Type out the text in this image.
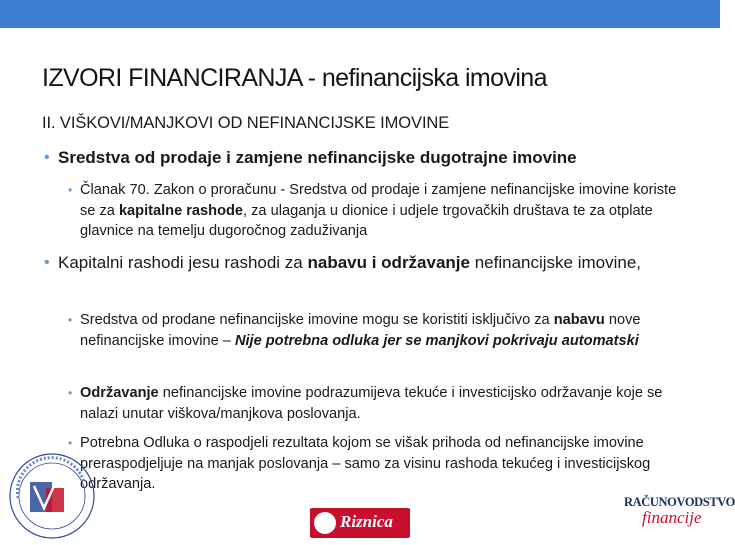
IZVORI FINANCIRANJA - nefinancijska imovina
II. VIŠKOVI/MANJKOVI OD NEFINANCIJSKE IMOVINE
• Sredstva od prodaje i zamjene nefinancijske dugotrajne imovine
• Članak 70. Zakon o proračunu - Sredstva od prodaje i zamjene nefinancijske imovine koriste se za kapitalne rashode, za ulaganja u dionice i udjele trgovačkih društava te za otplate glavnice na temelju dugoročnog zaduživanja
• Kapitalni rashodi jesu rashodi za nabavu i održavanje nefinancijske imovine,
• Sredstva od prodane nefinancijske imovine mogu se koristiti isključivo za nabavu nove nefinancijske imovine – Nije potrebna odluka jer se manjkovi pokrivaju automatski
• Održavanje nefinancijske imovine podrazumijeva tekuće i investicijsko održavanje koje se nalazi unutar viškova/manjkova poslovanja.
• Potrebna Odluka o raspodjeli rezultata kojom se višak prihoda od nefinancijske imovine preraspodjeljuje na manjak poslovanja – samo za visinu rashoda tekućeg i investicijskog održavanja.
Riznica
RAČUNOVODSTVO
financije
